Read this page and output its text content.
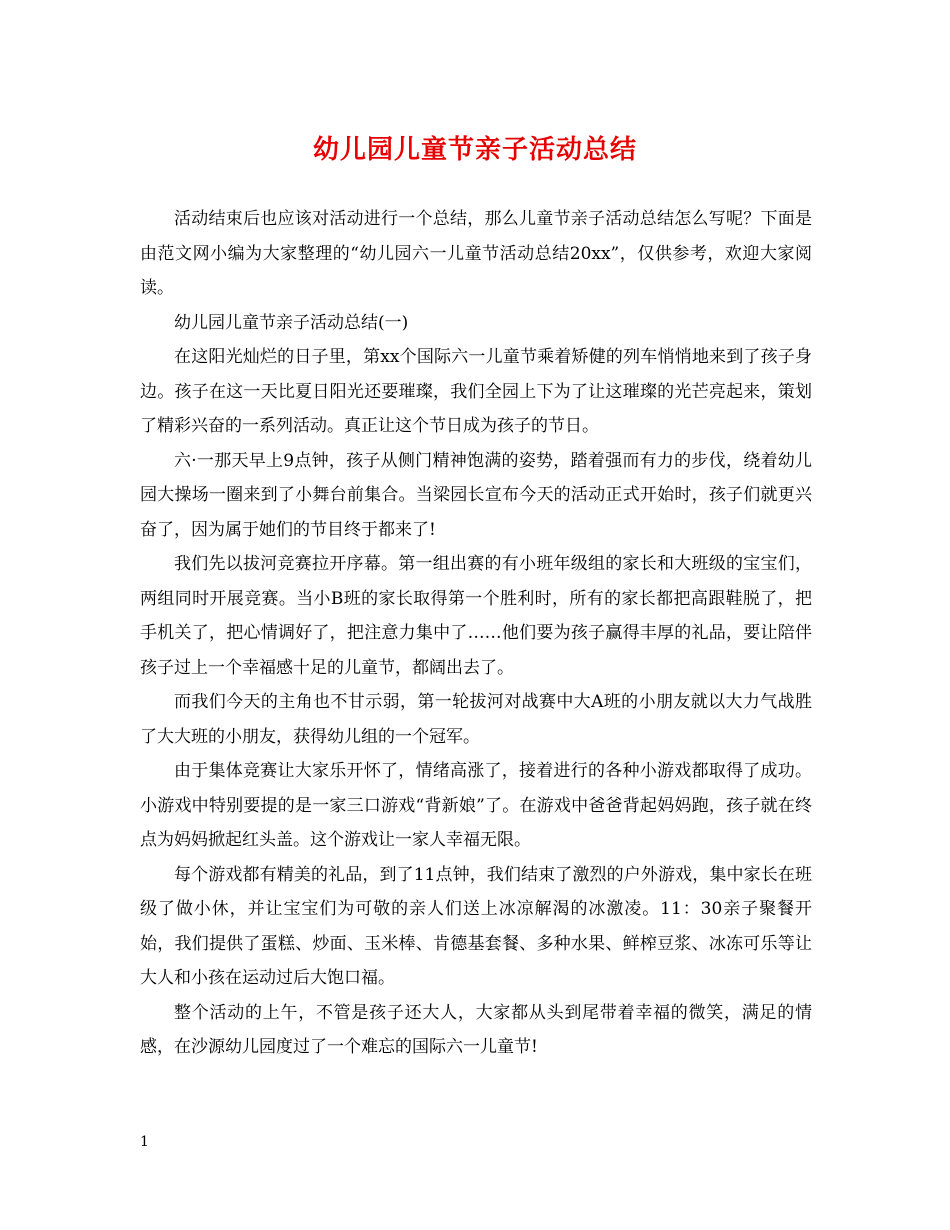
幼儿园儿童节亲子活动总结

活动结束后也应该对活动进行一个总结，那么儿童节亲子活动总结怎么写呢？下面是由范文网小编为大家整理的“幼儿园六一儿童节活动总结20xx”，仅供参考，欢迎大家阅读。

幼儿园儿童节亲子活动总结(一)

在这阳光灿烂的日子里，第xx个国际六一儿童节乘着矫健的列车悄悄地来到了孩子身边。孩子在这一天比夏日阳光还要璀璨，我们全园上下为了让这璀璨的光芒亮起来，策划了精彩兴奋的一系列活动。真正让这个节日成为孩子的节日。

六·一那天早上9点钟，孩子从侧门精神饱满的姿势，踏着强而有力的步伐，绕着幼儿园大操场一圈来到了小舞台前集合。当梁园长宣布今天的活动正式开始时，孩子们就更兴奋了，因为属于她们的节目终于都来了!

我们先以拔河竞赛拉开序幕。第一组出赛的有小班年级组的家长和大班级的宝宝们，两组同时开展竞赛。当小B班的家长取得第一个胜利时，所有的家长都把高跟鞋脱了，把手机关了，把心情调好了，把注意力集中了……他们要为孩子赢得丰厚的礼品，要让陪伴孩子过上一个幸福感十足的儿童节，都阔出去了。

而我们今天的主角也不甘示弱，第一轮拔河对战赛中大A班的小朋友就以大力气战胜了大大班的小朋友，获得幼儿组的一个冠军。

由于集体竞赛让大家乐开怀了，情绪高涨了，接着进行的各种小游戏都取得了成功。小游戏中特别要提的是一家三口游戏“背新娘”了。在游戏中爸爸背起妈妈跑，孩子就在终点为妈妈掀起红头盖。这个游戏让一家人幸福无限。

每个游戏都有精美的礼品，到了11点钟，我们结束了激烈的户外游戏，集中家长在班级了做小休，并让宝宝们为可敬的亲人们送上冰凉解渴的冰激凌。11：30亲子聚餐开始，我们提供了蛋糕、炒面、玉米棒、肯德基套餐、多种水果、鲜榨豆浆、冰冻可乐等让大人和小孩在运动过后大饱口福。

整个活动的上午，不管是孩子还大人，大家都从头到尾带着幸福的微笑，满足的情感，在沙源幼儿园度过了一个难忘的国际六一儿童节!

1
